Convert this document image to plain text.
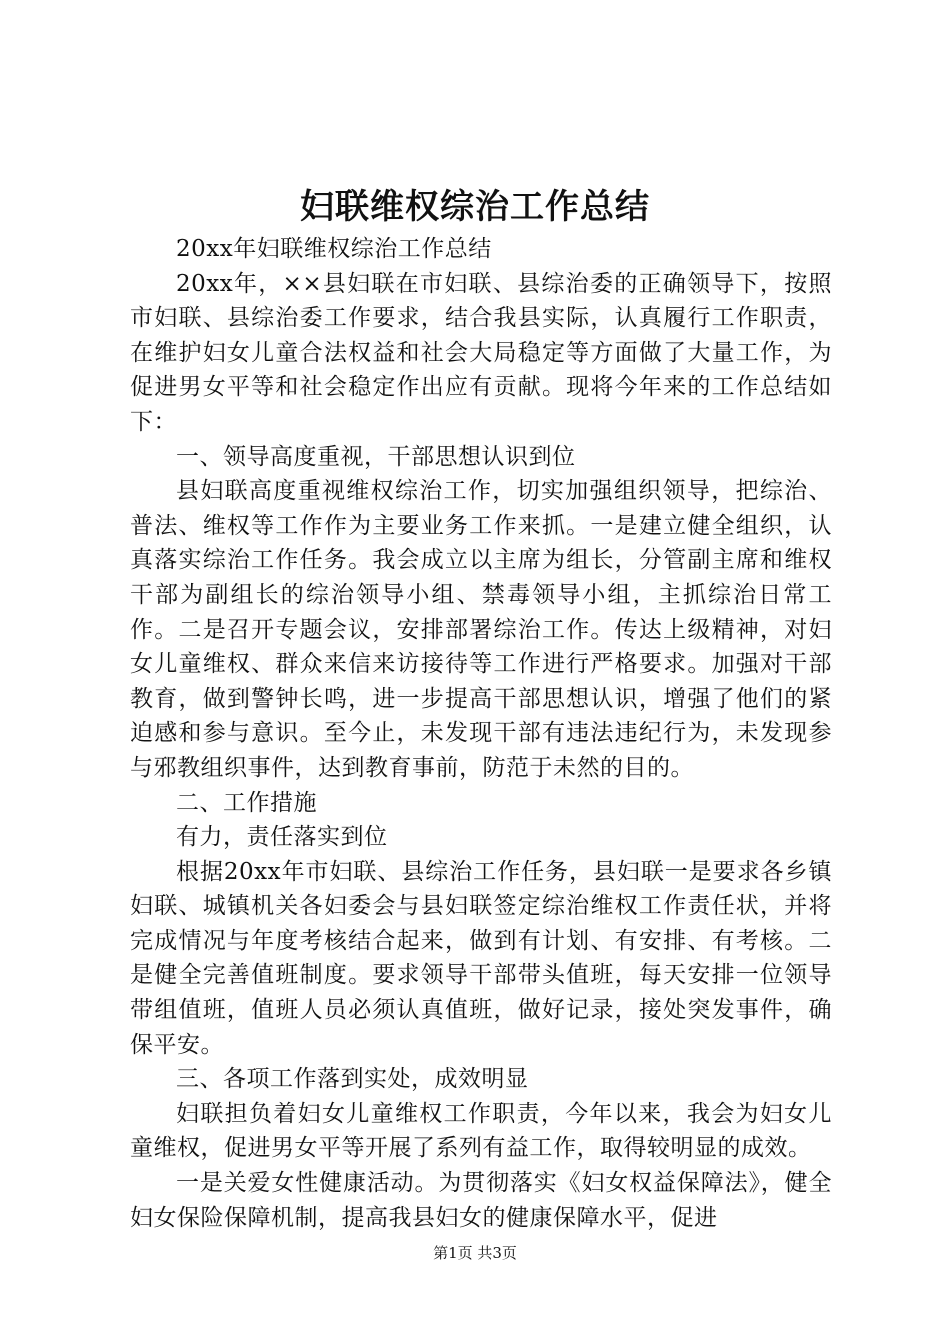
妇联维权综治工作总结

20xx年妇联维权综治工作总结

20xx年，××县妇联在市妇联、县综治委的正确领导下，按照市妇联、县综治委工作要求，结合我县实际，认真履行工作职责，在维护妇女儿童合法权益和社会大局稳定等方面做了大量工作，为促进男女平等和社会稳定作出应有贡献。现将今年来的工作总结如下：

一、领导高度重视，干部思想认识到位

县妇联高度重视维权综治工作，切实加强组织领导，把综治、普法、维权等工作作为主要业务工作来抓。一是建立健全组织，认真落实综治工作任务。我会成立以主席为组长，分管副主席和维权干部为副组长的综治领导小组、禁毒领导小组，主抓综治日常工作。二是召开专题会议，安排部署综治工作。传达上级精神，对妇女儿童维权、群众来信来访接待等工作进行严格要求。加强对干部教育，做到警钟长鸣，进一步提高干部思想认识，增强了他们的紧迫感和参与意识。至今止，未发现干部有违法违纪行为，未发现参与邪教组织事件，达到教育事前，防范于未然的目的。

二、工作措施

有力，责任落实到位

根据20xx年市妇联、县综治工作任务，县妇联一是要求各乡镇妇联、城镇机关各妇委会与县妇联签定综治维权工作责任状，并将完成情况与年度考核结合起来，做到有计划、有安排、有考核。二是健全完善值班制度。要求领导干部带头值班，每天安排一位领导带组值班，值班人员必须认真值班，做好记录，接处突发事件，确保平安。

三、各项工作落到实处，成效明显

妇联担负着妇女儿童维权工作职责，今年以来，我会为妇女儿童维权，促进男女平等开展了系列有益工作，取得较明显的成效。

一是关爱女性健康活动。为贯彻落实《妇女权益保障法》，健全妇女保险保障机制，提高我县妇女的健康保障水平，促进

第1页 共3页
